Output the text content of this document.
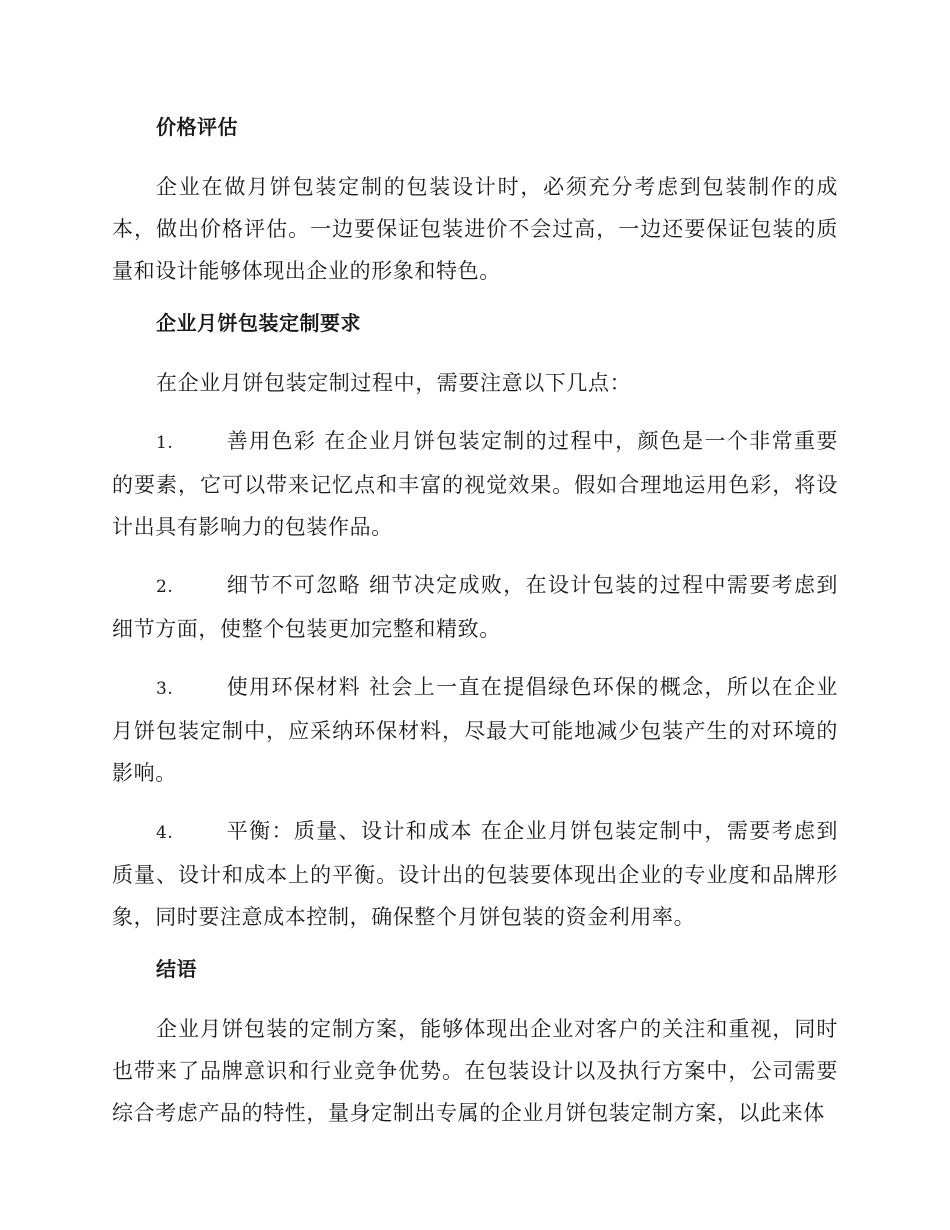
价格评估

企业在做月饼包装定制的包装设计时，必须充分考虑到包装制作的成本，做出价格评估。一边要保证包装进价不会过高，一边还要保证包装的质量和设计能够体现出企业的形象和特色。

企业月饼包装定制要求

在企业月饼包装定制过程中，需要注意以下几点：

1.	善用色彩 在企业月饼包装定制的过程中，颜色是一个非常重要的要素，它可以带来记忆点和丰富的视觉效果。假如合理地运用色彩，将设计出具有影响力的包装作品。

2.	细节不可忽略 细节决定成败，在设计包装的过程中需要考虑到细节方面，使整个包装更加完整和精致。

3.	使用环保材料 社会上一直在提倡绿色环保的概念，所以在企业月饼包装定制中，应采纳环保材料，尽最大可能地减少包装产生的对环境的影响。

4.	平衡：质量、设计和成本 在企业月饼包装定制中，需要考虑到质量、设计和成本上的平衡。设计出的包装要体现出企业的专业度和品牌形象，同时要注意成本控制，确保整个月饼包装的资金利用率。

结语

企业月饼包装的定制方案，能够体现出企业对客户的关注和重视，同时也带来了品牌意识和行业竞争优势。在包装设计以及执行方案中，公司需要综合考虑产品的特性，量身定制出专属的企业月饼包装定制方案，以此来体
